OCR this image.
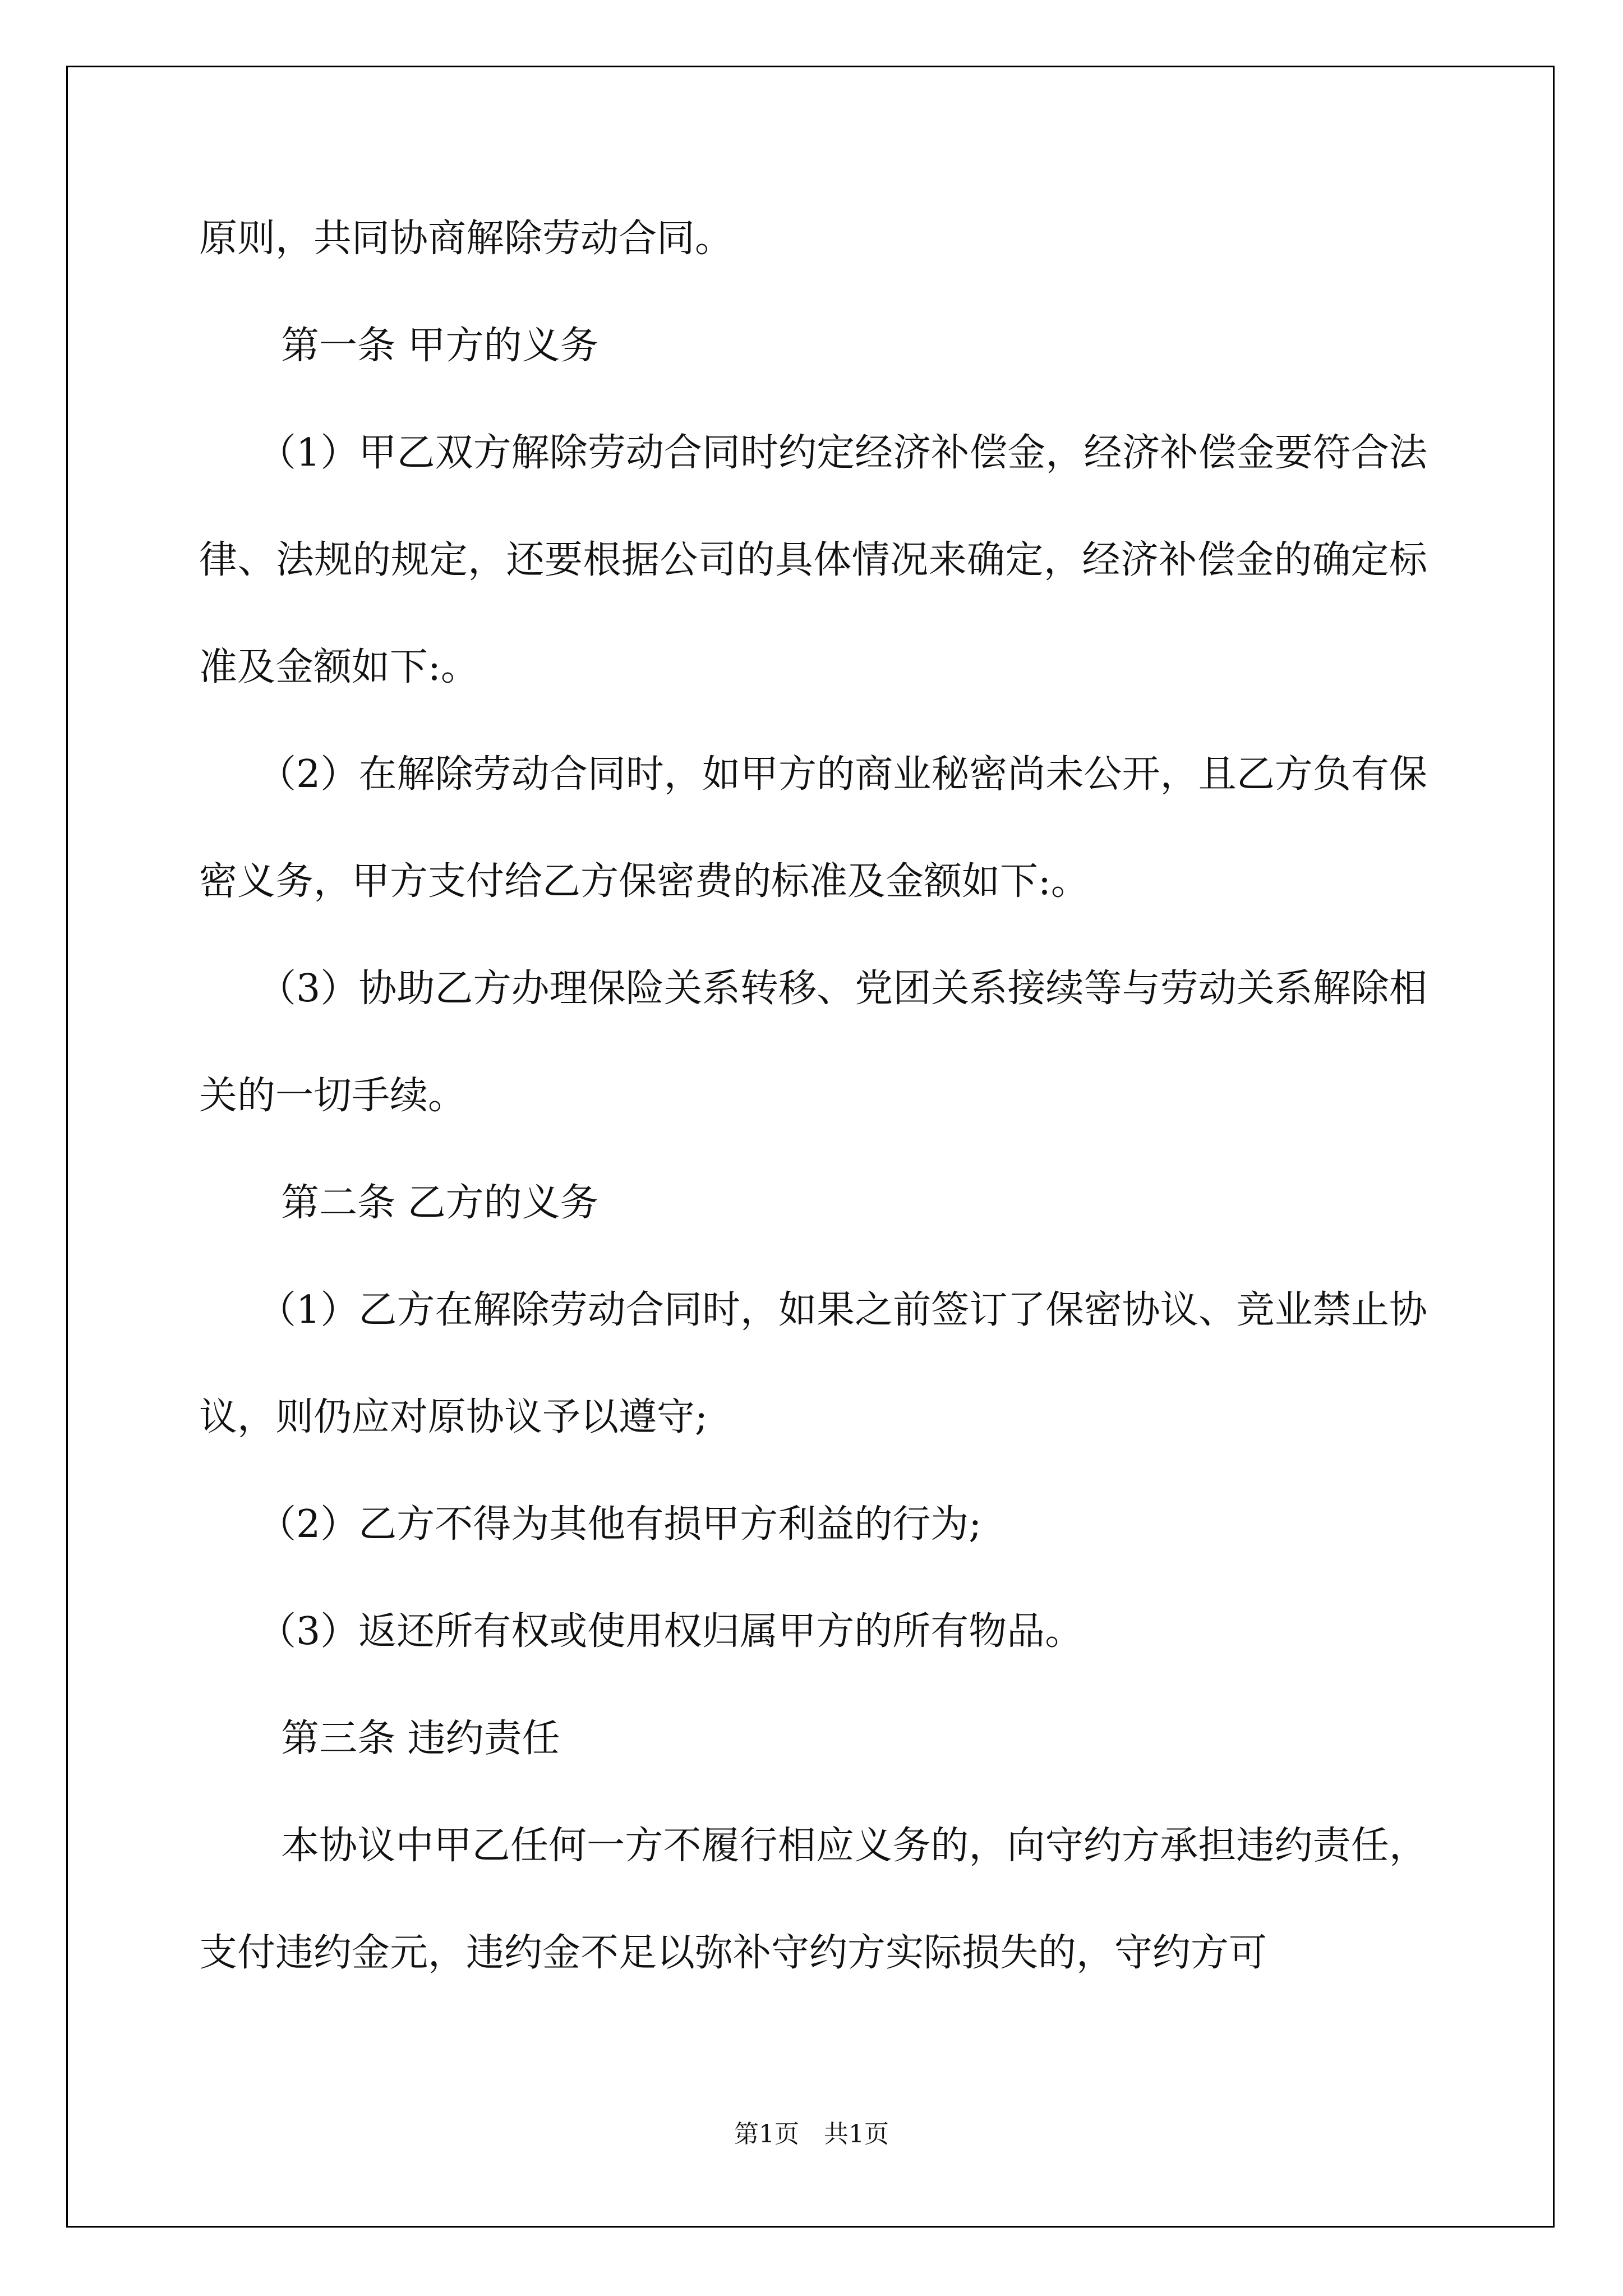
原则，共同协商解除劳动合同。

第一条 甲方的义务

（1）甲乙双方解除劳动合同时约定经济补偿金，经济补偿金要符合法律、法规的规定，还要根据公司的具体情况来确定，经济补偿金的确定标准及金额如下:。

（2）在解除劳动合同时，如甲方的商业秘密尚未公开，且乙方负有保密义务，甲方支付给乙方保密费的标准及金额如下:。

（3）协助乙方办理保险关系转移、党团关系接续等与劳动关系解除相关的一切手续。

第二条 乙方的义务

（1）乙方在解除劳动合同时，如果之前签订了保密协议、竞业禁止协议，则仍应对原协议予以遵守;

（2）乙方不得为其他有损甲方利益的行为;

（3）返还所有权或使用权归属甲方的所有物品。

第三条 违约责任

本协议中甲乙任何一方不履行相应义务的，向守约方承担违约责任，支付违约金元，违约金不足以弥补守约方实际损失的，守约方可

第1页　共1页
